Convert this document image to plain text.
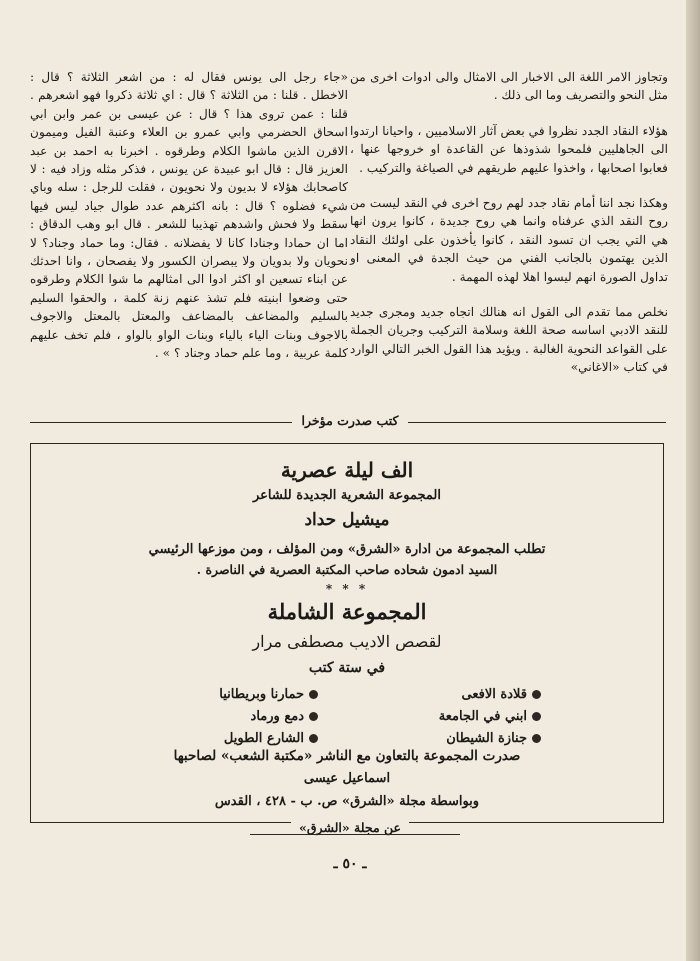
وتجاوز الامر اللغة الى الاخبار الى الامثال والى ادوات اخرى من مثل النحو والتصريف وما الى ذلك .

هؤلاء النقاد الجدد نظروا في بعض آثار الاسلاميين ، واحيانا ارتدوا الى الجاهليين فلمحوا شذوذها عن القاعدة او خروجها عنها ، فعابوا اصحابها ، واخذوا عليهم طريقهم في الصياغة والتركيب .

وهكذا نجد اننا أمام نقاد جدد لهم روح اخرى في النقد ليست من روح النقد الذي عرفناه وانما هي روح جديدة ، كانوا يرون انها هي التي يجب ان تسود النقد ، كانوا يأخذون على اولئك النقاد الذين يهتمون بالجانب الفني من حيث الجدة في المعنى او تداول الصورة انهم ليسوا اهلا لهذه المهمة .

نخلص مما تقدم الى القول انه هنالك اتجاه جديد ومجرى جديد للنقد الادبي اساسه صحة اللغة وسلامة التركيب وجريان الجملة على القواعد النحوية الغالبة . ويؤيد هذا القول الخبر التالي الوارد في كتاب «الاغاني»

«جاء رجل الى يونس فقال له : من اشعر الثلاثة ؟ قال : الاخطل . قلنا : من الثلاثة ؟ قال : اي ثلاثة ذكروا فهو اشعرهم . قلنا : عمن تروى هذا ؟ قال : عن عيسى بن عمر وابن ابي اسحاق الحضرمي وابي عمرو بن العلاء وعنبة الفيل وميمون الاقرن الذين ماشوا الكلام وطرقوه . اخبرنا به احمد بن عبد العزيز قال : قال ابو عبيدة عن يونس ، فذكر مثله وزاد فيه : لا كاصحابك هؤلاء لا بديون ولا نحويون ، فقلت للرجل : سله وباي شيء فضلوه ؟ قال : بانه اكثرهم عدد طوال جياد ليس فيها سقط ولا فحش واشدهم تهذيبا للشعر . قال ابو وهب الدقاق : اما ان حمادا وجنادا كانا لا يفضلانه . فقال: وما حماد وجناد؟ لا نحويان ولا بدويان ولا يبصران الكسور ولا يفصحان ، وانا احدثك عن ابناء تسعين او اكثر ادوا الى امثالهم ما شوا الكلام وطرقوه حتى وضعوا ابنيته فلم تشذ عنهم زنة كلمة ، والحقوا السليم بالسليم والمضاعف بالمضاعف والمعتل بالمعتل والاجوف بالاجوف وبنات الياء بالياء وبنات الواو بالواو ، فلم تخف عليهم كلمة عربية ، وما علم حماد وجناد ؟ » .

كتب صدرت مؤخرا
الف ليلة عصرية
المجموعة الشعرية الجديدة للشاعر
ميشيل حداد
تطلب المجموعة من ادارة «الشرق» ومن المؤلف ، ومن موزعها الرئيسي
السيد ادمون شحاده صاحب المكتبة العصرية في الناصرة .
* * *
المجموعة الشاملة
لقصص الاديب مصطفى مرار
في ستة كتب
قلادة الافعى
ابني في الجامعة
جنازة الشيطان
حمارنا وبريطانيا
دمع ورماد
الشارع الطويل
صدرت المجموعة بالتعاون مع الناشر «مكتبة الشعب» لصاحبها
اسماعيل عيسى
وبواسطة مجلة «الشرق» ص. ب - ٤٢٨ ، القدس
عن مجلة «الشرق»
ـ ٥٠ ـ
